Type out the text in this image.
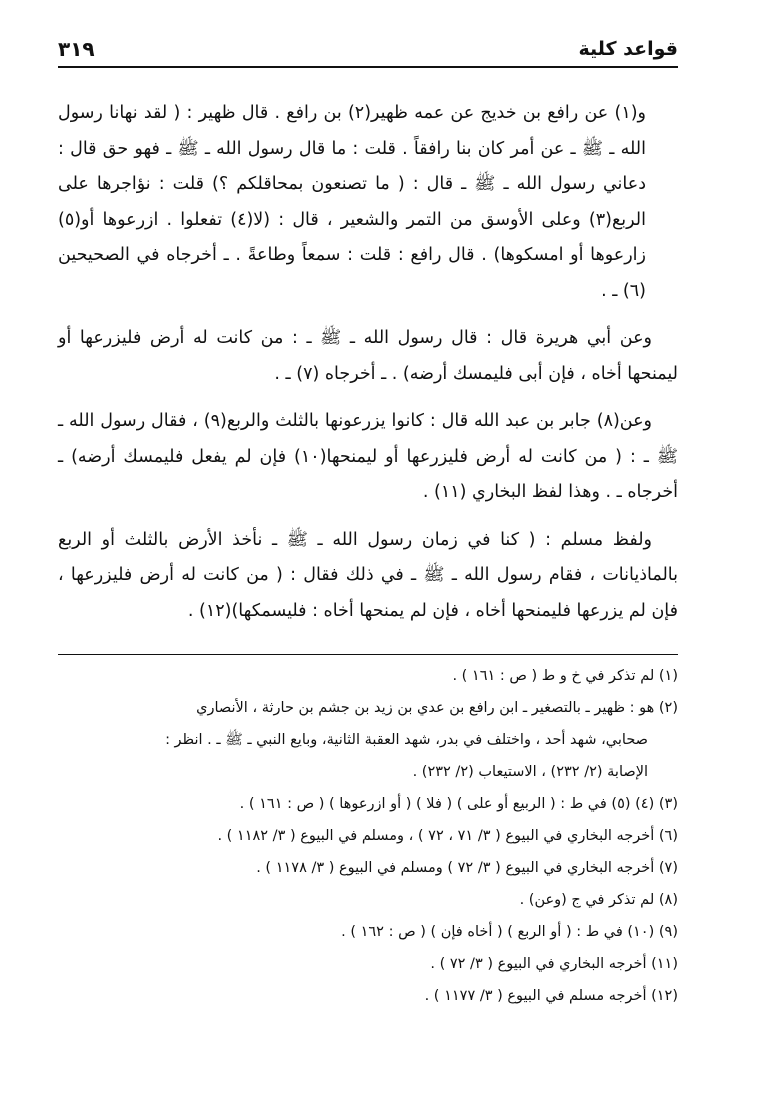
قواعد كلية
٣١٩

و(١) عن رافع بن خديج عن عمه ظهير(٢) بن رافع . قال ظهير : ( لقد نهانا رسول الله ـ ﷺ ـ عن أمر كان بنا رافقاً . قلت : ما قال رسول الله ـ ﷺ ـ فهو حق قال : دعاني رسول الله ـ ﷺ ـ قال : ( ما تصنعون بمحاقلكم ؟) قلت : نؤاجرها على الربع(٣) وعلى الأوسق من التمر والشعير ، قال : (لا(٤) تفعلوا . ازرعوها أو(٥) زارعوها أو امسكوها) . قال رافع : قلت : سمعاً وطاعةً . ـ أخرجاه في الصحيحين (٦) ـ .

وعن أبي هريرة قال : قال رسول الله ـ ﷺ ـ : من كانت له أرض فليزرعها أو ليمنحها أخاه ، فإن أبى فليمسك أرضه) . ـ أخرجاه (٧) ـ .

وعن(٨) جابر بن عبد الله قال : كانوا يزرعونها بالثلث والربع(٩) ، فقال رسول الله ـ ﷺ ـ : ( من كانت له أرض فليزرعها أو ليمنحها(١٠) فإن لم يفعل فليمسك أرضه) ـ أخرجاه ـ . وهذا لفظ البخاري (١١) .

ولفظ مسلم : ( كنا في زمان رسول الله ـ ﷺ ـ نأخذ الأرض بالثلث أو الربع بالماذيانات ، فقام رسول الله ـ ﷺ ـ في ذلك فقال : ( من كانت له أرض فليزرعها ، فإن لم يزرعها فليمنحها أخاه ، فإن لم يمنحها أخاه : فليسمكها)(١٢) .

(١) لم تذكر في خ و ط ( ص : ١٦١ ) .

(٢) هو : ظهير ـ بالتصغير ـ ابن رافع بن عدي بن زيد بن جشم بن حارثة ، الأنصاري

صحابي، شهد أحد ، واختلف في بدر، شهد العقبة الثانية، وبايع النبي ـ ﷺ ـ . انظر :

الإصابة (٢/ ٢٣٢) ، الاستيعاب (٢/ ٢٣٢) .

(٣) (٤) (٥) في ط : ( الربيع أو على ) ( فلا ) ( أو ازرعوها ) ( ص : ١٦١ ) .

(٦) أخرجه البخاري في البيوع ( ٣/ ٧١ ، ٧٢ ) ، ومسلم في البيوع ( ٣/ ١١٨٢ ) .

(٧) أخرجه البخاري في البيوع ( ٣/ ٧٢ ) ومسلم في البيوع ( ٣/ ١١٧٨ ) .

(٨) لم تذكر في ج (وعن) .

(٩) (١٠) في ط : ( أو الربع ) ( أخاه فإن ) ( ص : ١٦٢ ) .

(١١) أخرجه البخاري في البيوع ( ٣/ ٧٢ ) .

(١٢) أخرجه مسلم في البيوع ( ٣/ ١١٧٧ ) .
